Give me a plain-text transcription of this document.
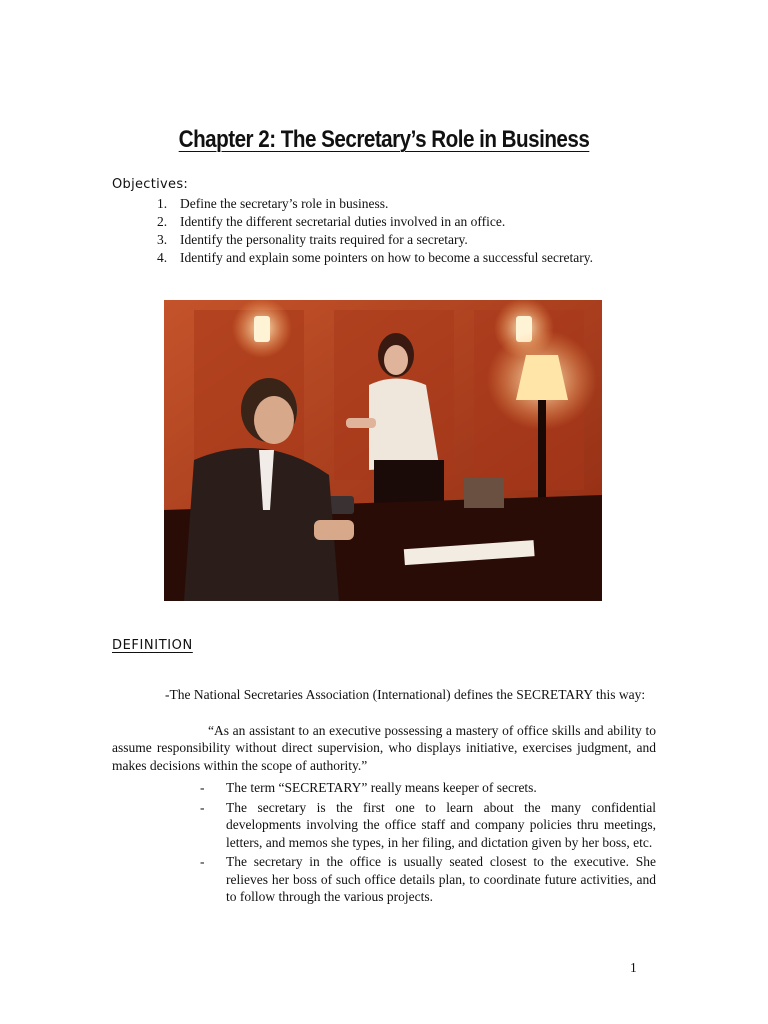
Chapter 2: The Secretary’s Role in Business
Objectives:
1. Define the secretary’s role in business.
2. Identify the different secretarial duties involved in an office.
3. Identify the personality traits required for a secretary.
4. Identify and explain some pointers on how to become a successful secretary.
DEFINITION

-The National Secretaries Association (International) defines the SECRETARY this way:

“As an assistant to an executive possessing a mastery of office skills and ability to assume responsibility without direct supervision, who displays initiative, exercises judgment, and makes decisions within the scope of authority.”

- The term “SECRETARY” really means keeper of secrets.
- The secretary is the first one to learn about the many confidential developments involving the office staff and company policies thru meetings, letters, and memos she types, in her filing, and dictation given by her boss, etc.
- The secretary in the office is usually seated closest to the executive. She relieves her boss of such office details plan, to coordinate future activities, and to follow through the various projects.
1
